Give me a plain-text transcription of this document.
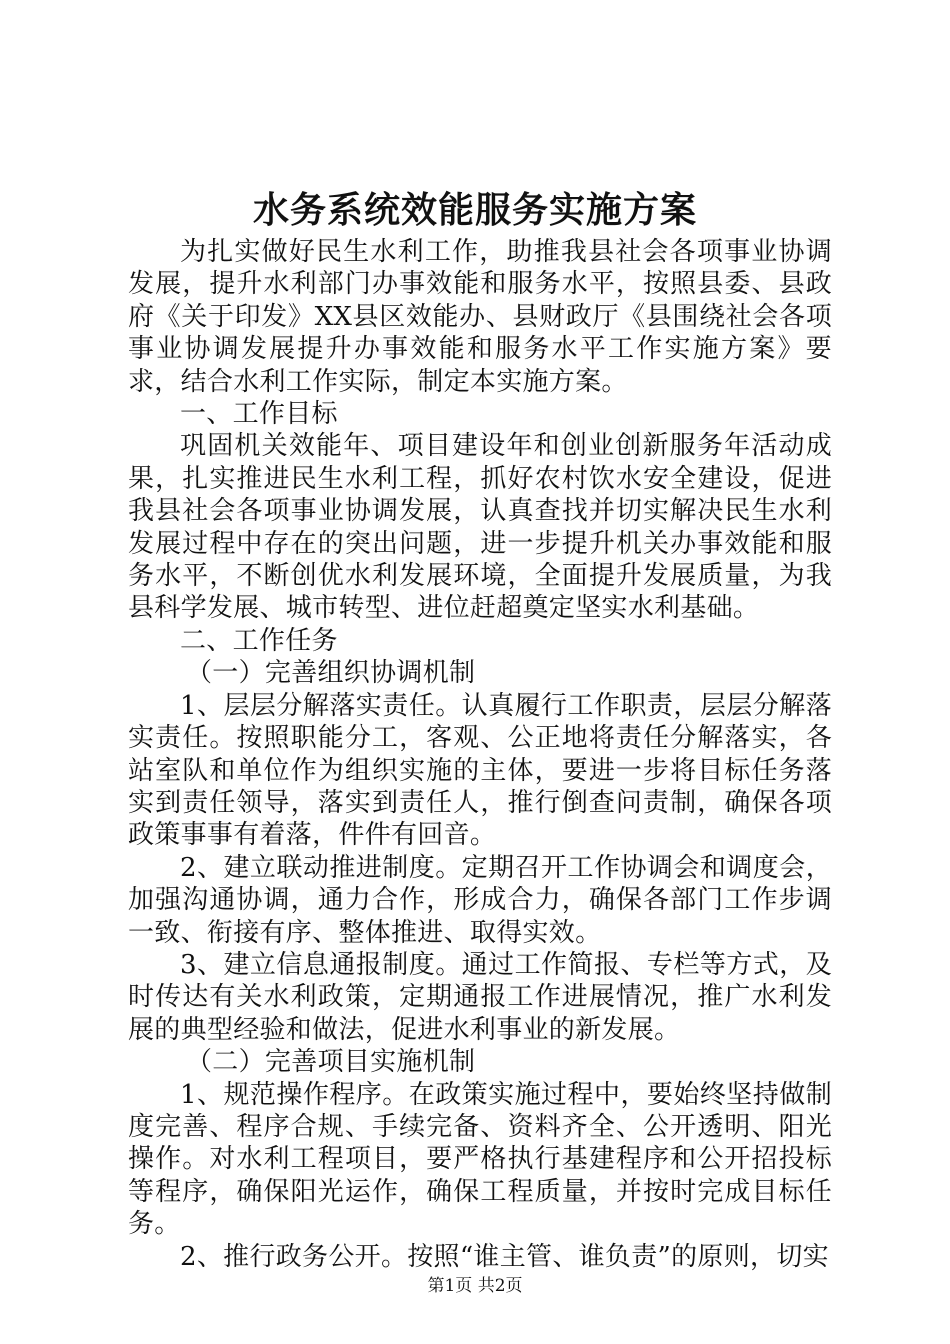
水务系统效能服务实施方案

为扎实做好民生水利工作，助推我县社会各项事业协调发展，提升水利部门办事效能和服务水平，按照县委、县政府《关于印发》XX县区效能办、县财政厅《县围绕社会各项事业协调发展提升办事效能和服务水平工作实施方案》要求，结合水利工作实际，制定本实施方案。

一、工作目标

巩固机关效能年、项目建设年和创业创新服务年活动成果，扎实推进民生水利工程，抓好农村饮水安全建设，促进我县社会各项事业协调发展，认真查找并切实解决民生水利发展过程中存在的突出问题，进一步提升机关办事效能和服务水平，不断创优水利发展环境，全面提升发展质量，为我县科学发展、城市转型、进位赶超奠定坚实水利基础。

二、工作任务

（一）完善组织协调机制

1、层层分解落实责任。认真履行工作职责，层层分解落实责任。按照职能分工，客观、公正地将责任分解落实，各站室队和单位作为组织实施的主体，要进一步将目标任务落实到责任领导，落实到责任人，推行倒查问责制，确保各项政策事事有着落，件件有回音。

2、建立联动推进制度。定期召开工作协调会和调度会，加强沟通协调，通力合作，形成合力，确保各部门工作步调一致、衔接有序、整体推进、取得实效。

3、建立信息通报制度。通过工作简报、专栏等方式，及时传达有关水利政策，定期通报工作进展情况，推广水利发展的典型经验和做法，促进水利事业的新发展。

（二）完善项目实施机制

1、规范操作程序。在政策实施过程中，要始终坚持做制度完善、程序合规、手续完备、资料齐全、公开透明、阳光操作。对水利工程项目，要严格执行基建程序和公开招投标等程序，确保阳光运作，确保工程质量，并按时完成目标任务。

2、推行政务公开。按照“谁主管、谁负责”的原则，切实

第1页 共2页
